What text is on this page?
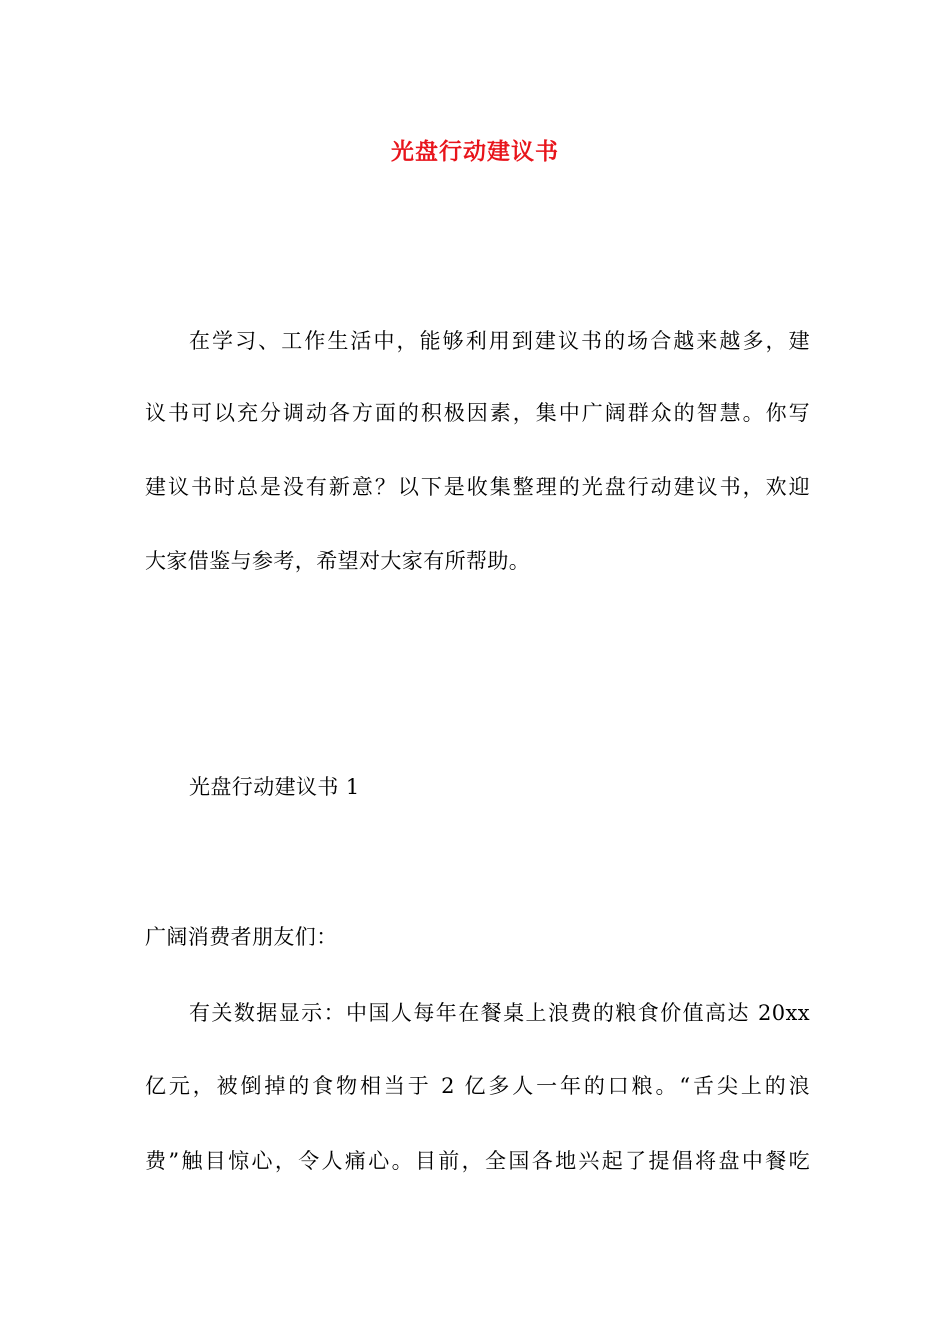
光盘行动建议书

在学习、工作生活中，能够利用到建议书的场合越来越多，建

议书可以充分调动各方面的积极因素，集中广阔群众的智慧。你写

建议书时总是没有新意？以下是收集整理的光盘行动建议书，欢迎

大家借鉴与参考，希望对大家有所帮助。

光盘行动建议书 1

广阔消费者朋友们：

有关数据显示：中国人每年在餐桌上浪费的粮食价值高达 20xx

亿元，被倒掉的食物相当于 2 亿多人一年的口粮。“舌尖上的浪

费”触目惊心，令人痛心。目前，全国各地兴起了提倡将盘中餐吃
